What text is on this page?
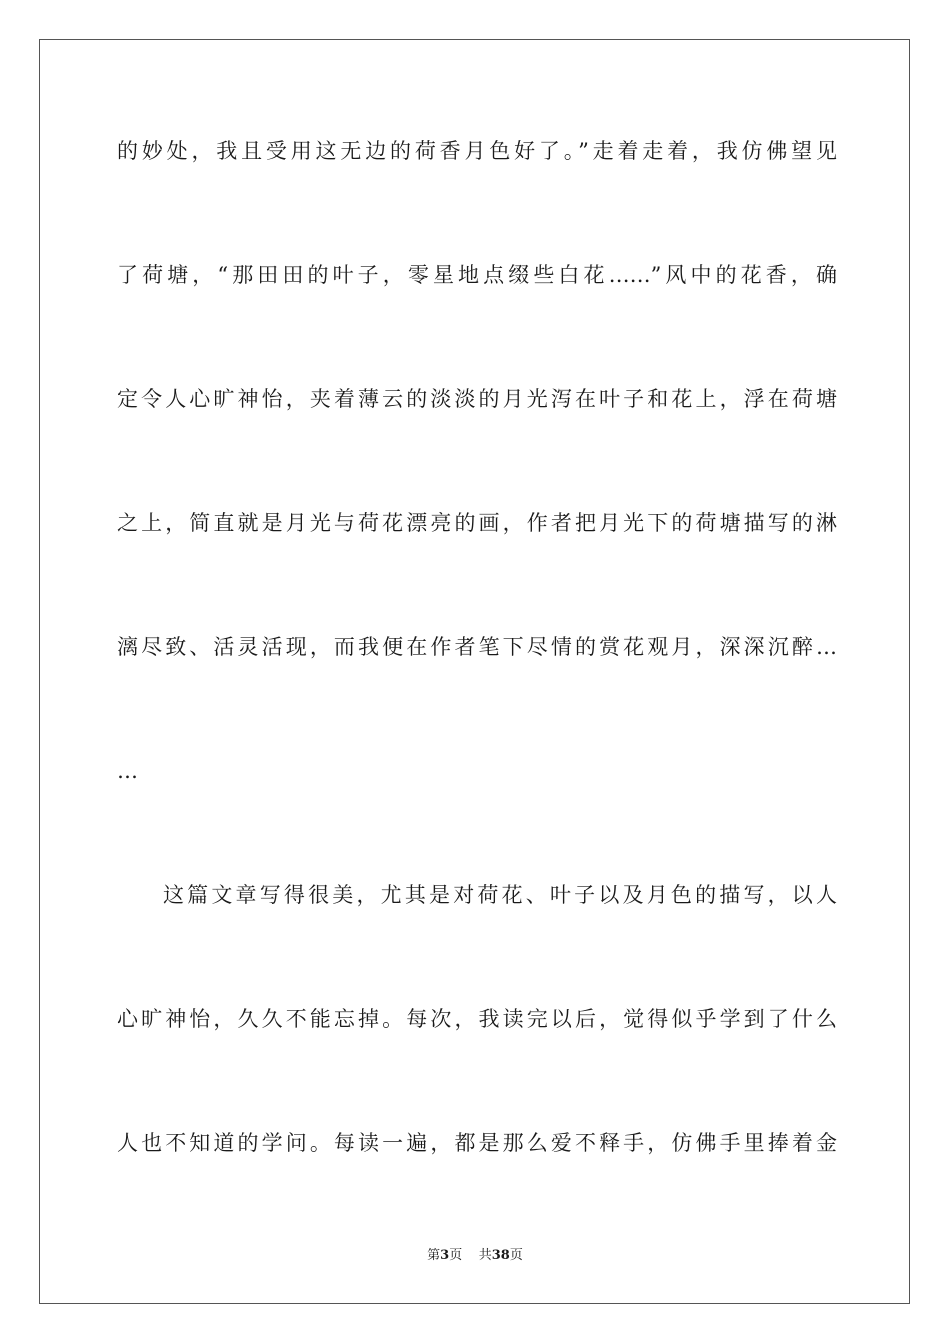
的妙处，我且受用这无边的荷香月色好了。”走着走着，我仿佛望见
了荷塘，“那田田的叶子，零星地点缀些白花……”风中的花香，确
定令人心旷神怡，夹着薄云的淡淡的月光泻在叶子和花上，浮在荷塘
之上，简直就是月光与荷花漂亮的画，作者把月光下的荷塘描写的淋
漓尽致、活灵活现，而我便在作者笔下尽情的赏花观月，深深沉醉…
…
这篇文章写得很美，尤其是对荷花、叶子以及月色的描写，以人
心旷神怡，久久不能忘掉。每次，我读完以后，觉得似乎学到了什么
人也不知道的学问。每读一遍，都是那么爱不释手，仿佛手里捧着金
第3页 共38页
